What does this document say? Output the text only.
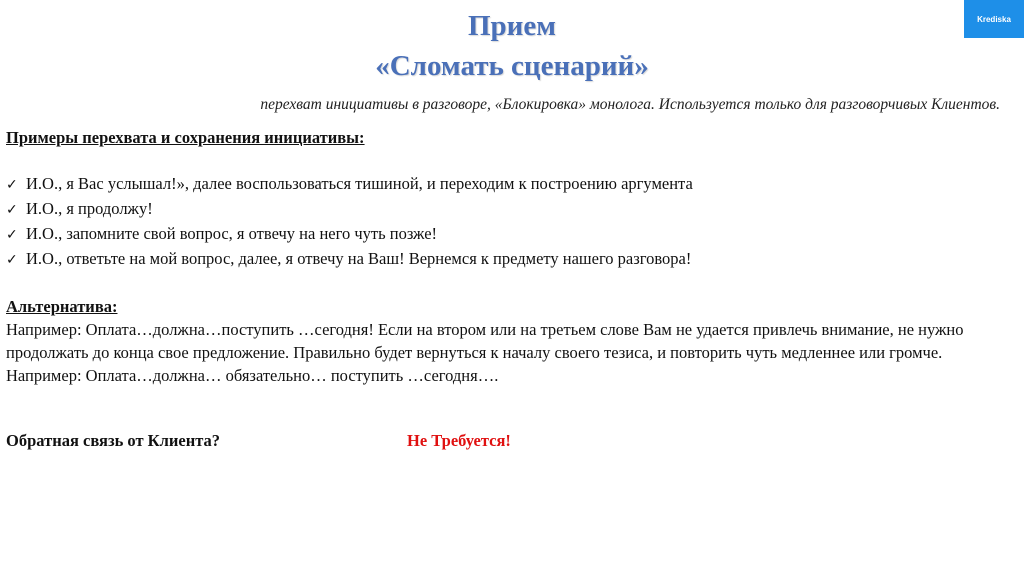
Krediska
Прием
«Сломать сценарий»
перехват инициативы в разговоре, «Блокировка» монолога. Используется только для разговорчивых Клиентов.
Примеры перехвата и сохранения инициативы:
✓ И.О., я Вас услышал!», далее воспользоваться тишиной, и переходим к построению аргумента
✓ И.О., я продолжу!
✓ И.О., запомните свой вопрос, я отвечу на него чуть позже!
✓ И.О., ответьте на мой вопрос, далее, я отвечу на Ваш! Вернемся к предмету нашего разговора!
Альтернатива:
Например: Оплата…должна…поступить …сегодня! Если на втором или на третьем слове Вам не удается привлечь внимание, не нужно продолжать до конца свое предложение. Правильно будет вернуться к началу своего тезиса, и повторить чуть медленнее или громче. Например: Оплата…должна… обязательно… поступить …сегодня….
Обратная связь от Клиента?	Не Требуется!
